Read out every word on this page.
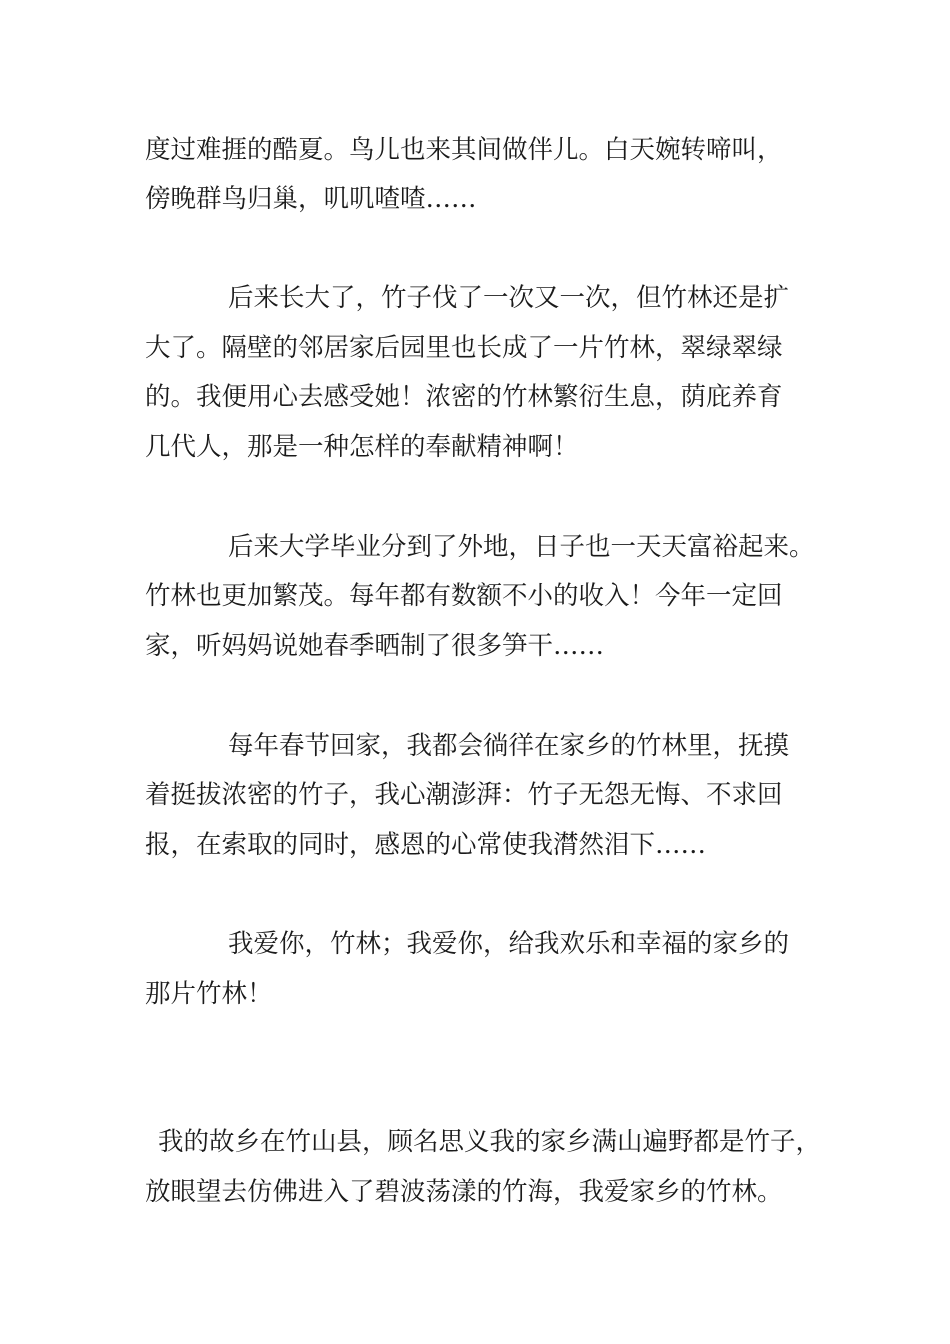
度过难捱的酷夏。鸟儿也来其间做伴儿。白天婉转啼叫，

傍晚群鸟归巢，叽叽喳喳……

后来长大了，竹子伐了一次又一次，但竹林还是扩

大了。隔壁的邻居家后园里也长成了一片竹林，翠绿翠绿

的。我便用心去感受她！浓密的竹林繁衍生息，荫庇养育

几代人，那是一种怎样的奉献精神啊！

后来大学毕业分到了外地，日子也一天天富裕起来。

竹林也更加繁茂。每年都有数额不小的收入！今年一定回

家，听妈妈说她春季晒制了很多笋干……

每年春节回家，我都会徜徉在家乡的竹林里，抚摸

着挺拔浓密的竹子，我心潮澎湃：竹子无怨无悔、不求回

报，在索取的同时，感恩的心常使我潸然泪下……

我爱你，竹林；我爱你，给我欢乐和幸福的家乡的

那片竹林！

我的故乡在竹山县，顾名思义我的家乡满山遍野都是竹子，

放眼望去仿佛进入了碧波荡漾的竹海，我爱家乡的竹林。
